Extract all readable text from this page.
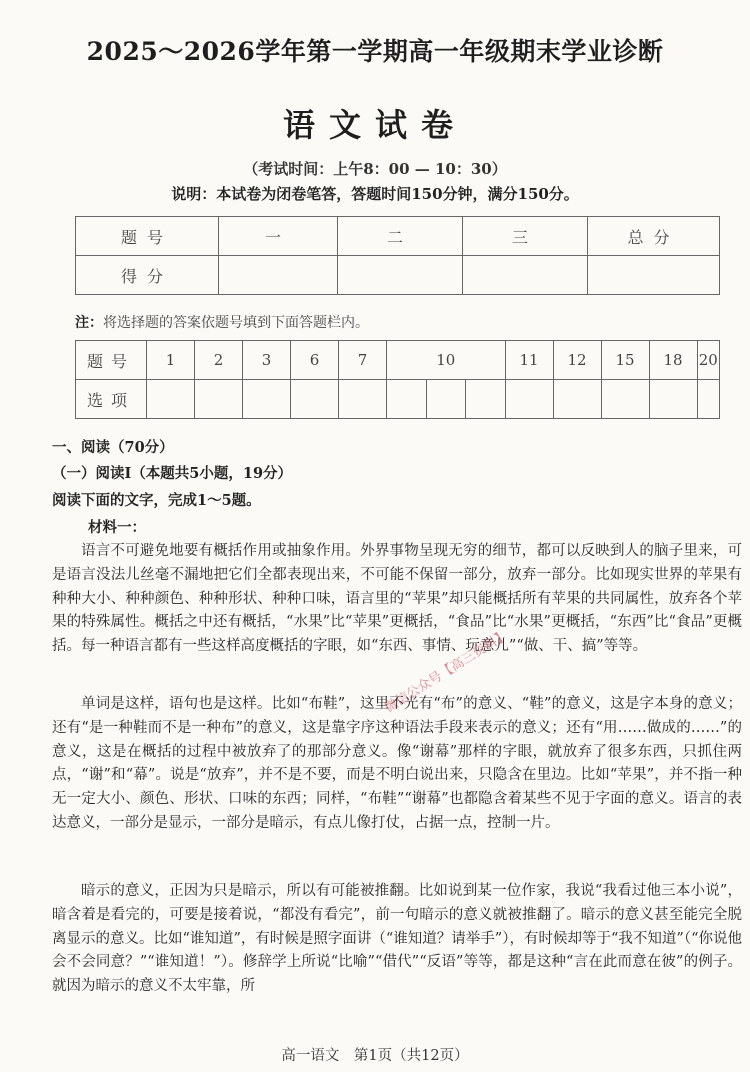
2025～2026学年第一学期高一年级期末学业诊断
语文试卷
（考试时间：上午8：00 — 10：30）
说明：本试卷为闭卷笔答，答题时间150分钟，满分150分。
题号	一	二	三	总分
得分				
注：将选择题的答案依题号填到下面答题栏内。
题号	1	2	3	6	7	10			11	12	15	18	20
选项													
一、阅读（70分）
（一）阅读Ⅰ（本题共5小题，19分）
阅读下面的文字，完成1～5题。
材料一：

语言不可避免地要有概括作用或抽象作用。外界事物呈现无穷的细节，都可以反映到人的脑子里来，可是语言没法儿丝毫不漏地把它们全都表现出来，不可能不保留一部分，放弃一部分。比如现实世界的苹果有种种大小、种种颜色、种种形状、种种口味，语言里的“苹果”却只能概括所有苹果的共同属性，放弃各个苹果的特殊属性。概括之中还有概括，“水果”比“苹果”更概括，“食品”比“水果”更概括，“东西”比“食品”更概括。每一种语言都有一些这样高度概括的字眼，如“东西、事情、玩意儿”“做、干、搞”等等。

单词是这样，语句也是这样。比如“布鞋”，这里不光有“布”的意义、“鞋”的意义，这是字本身的意义；还有“是一种鞋而不是一种布”的意义，这是靠字序这种语法手段来表示的意义；还有“用……做成的……”的意义，这是在概括的过程中被放弃了的那部分意义。像“谢幕”那样的字眼，就放弃了很多东西，只抓住两点，“谢”和“幕”。说是“放弃”，并不是不要，而是不明白说出来，只隐含在里边。比如“苹果”，并不指一种无一定大小、颜色、形状、口味的东西；同样，“布鞋”“谢幕”也都隐含着某些不见于字面的意义。语言的表达意义，一部分是显示，一部分是暗示，有点儿像打仗，占据一点，控制一片。

暗示的意义，正因为只是暗示，所以有可能被推翻。比如说到某一位作家，我说“我看过他三本小说”，暗含着是看完的，可要是接着说，“都没有看完”，前一句暗示的意义就被推翻了。暗示的意义甚至能完全脱离显示的意义。比如“谁知道”，有时候是照字面讲（“谁知道？请举手”），有时候却等于“我不知道”（“你说他会不会同意？”“谁知道！”）。修辞学上所说“比喻”“借代”“反语”等等，都是这种“言在此而意在彼”的例子。就因为暗示的意义不太牢靠，所

微信公众号【高三资料】
高一语文　第1页（共12页）
